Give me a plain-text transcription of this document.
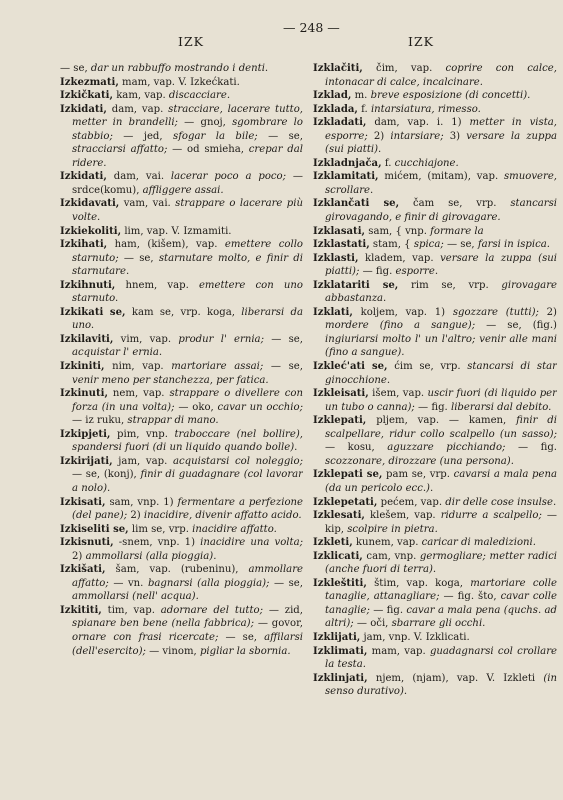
IZK
— 248 —
IZK

— se, dar un rabbuffo mostrando i denti.

Izkezmati, mam, vap. V. Izkećkati.

Izkičkati, kam, vap. discacciare.

Izkidati, dam, vap. stracciare, lacerare tutto, metter in brandelli; — gnoj, sgombrare lo stabbio; — jed, sfogar la bile; — se, stracciarsi affatto; — od smieha, crepar dal ridere.

Izkidati, dam, vai. lacerar poco a poco; — srdce(komu), affliggere assai.

Izkidavati, vam, vai. strappare o lacerare più volte.

Izkiekoliti, lim, vap. V. Izmamiti.

Izkihati, ham, (kišem), vap. emettere collo starnuto; — se, starnutare molto, e finir di starnutare.

Izkihnuti, hnem, vap. emettere con uno starnuto.

Izkikati se, kam se, vrp. koga, liberarsi da uno.

Izkilaviti, vim, vap. produr l' ernia; — se, acquistar l' ernia.

Izkiniti, nim, vap. martoriare assai; — se, venir meno per stanchezza, per fatica.

Izkinuti, nem, vap. strappare o divellere con forza (in una volta); — oko, cavar un occhio; — iz ruku, strappar di mano.

Izkipjeti, pim, vnp. traboccare (nel bollire), spandersi fuori (di un liquido quando bolle).

Izkirijati, jam, vap. acquistarsi col noleggio; — se, (konj), finir di guadagnare (col lavorar a nolo).

Izkisati, sam, vnp. 1) fermentare a perfezione (del pane); 2) inacidire, divenir affatto acido.

Izkiseliti se, lim se, vrp. inacidire affatto.

Izkisnuti, -snem, vnp. 1) inacidire una volta; 2) ammollarsi (alla pioggia).

Izkišati, šam, vap. (rubeninu), ammollare affatto; — vn. bagnarsi (alla pioggia); — se, ammollarsi (nell' acqua).

Izkititi, tim, vap. adornare del tutto; — zid, spianare ben bene (nella fabbrica); — govor, ornare con frasi ricercate; — se, affilarsi (dell'esercito); — vinom, pigliar la sbornia.

Izklačiti, čim, vap. coprire con calce, intonacar di calce, incalcinare.

Izklad, m. breve esposizione (di concetti).

Izklada, f. intarsiatura, rimesso.

Izkladati, dam, vap. i. 1) metter in vista, esporre; 2) intarsiare; 3) versare la zuppa (sui piatti).

Izkladnjača, f. cucchiajone.

Izklamitati, mićem, (mitam), vap. smuovere, scrollare.

Izklančati se, čam se, vrp. stancarsi girovagando, e finir di girovagare.

Izklasati, sam, { vnp. formare la

Izklastati, stam, { spica; — se, farsi in ispica.

Izklasti, kladem, vap. versare la zuppa (sui piatti); — fig. esporre.

Izklatariti se, rim se, vrp. girovagare abbastanza.

Izklati, koljem, vap. 1) sgozzare (tutti); 2) mordere (fino a sangue); — se, (fig.) ingiuriarsi molto l' un l'altro; venir alle mani (fino a sangue).

Izkleć'ati se, ćim se, vrp. stancarsi di star ginocchione.

Izkleisati, išem, vap. uscir fuori (di liquido per un tubo o canna); — fig. liberarsi dal debito.

Izklepati, pljem, vap. — kamen, finir di scalpellare, ridur collo scalpello (un sasso); — kosu, aguzzare picchiando; — fig. scozzonare, dirozzare (una persona).

Izklepati se, pam se, vrp. cavarsi a mala pena (da un pericolo ecc.).

Izklepetati, pećem, vap. dir delle cose insulse.

Izklesati, klešem, vap. ridurre a scalpello; — kip, scolpire in pietra.

Izkleti, kunem, vap. caricar di maledizioni.

Izklicati, cam, vnp. germogliare; metter radici (anche fuori di terra).

Izkleštiti, štim, vap. koga, martoriare colle tanaglie, attanagliare; — fig. što, cavar colle tanaglie; — fig. cavar a mala pena (quchs. ad altri); — oči, sbarrare gli occhi.

Izklijati, jam, vnp. V. Izklicati.

Izklimati, mam, vap. guadagnarsi col crollare la testa.

Izklinjati, njem, (njam), vap. V. Izkleti (in senso durativo).
